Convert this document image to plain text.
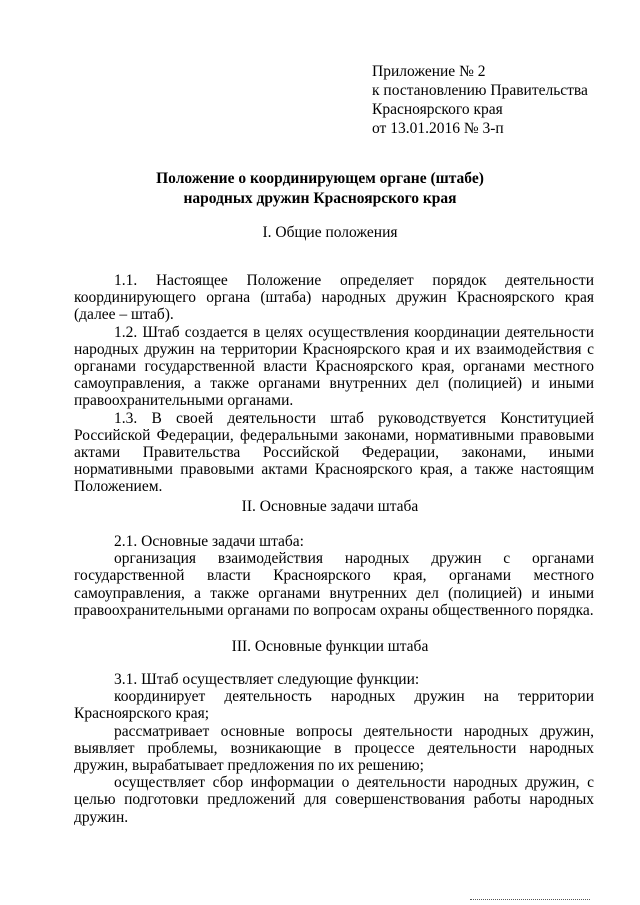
Приложение № 2
к постановлению Правительства
Красноярского края
от 13.01.2016 № 3-п
Положение о координирующем органе (штабе)
народных дружин Красноярского края
I. Общие положения

1.1. Настоящее Положение определяет порядок деятельности координирующего органа (штаба) народных дружин Красноярского края (далее – штаб).

1.2. Штаб создается в целях осуществления координации деятельности народных дружин на территории Красноярского края и их взаимодействия с органами государственной власти Красноярского края, органами местного самоуправления, а также органами внутренних дел (полицией) и иными правоохранительными органами.

1.3. В своей деятельности штаб руководствуется Конституцией Российской Федерации, федеральными законами, нормативными правовыми актами Правительства Российской Федерации, законами, иными нормативными правовыми актами Красноярского края, а также настоящим Положением.

II. Основные задачи штаба

2.1. Основные задачи штаба:

организация взаимодействия народных дружин с органами государственной власти Красноярского края, органами местного самоуправления, а также органами внутренних дел (полицией) и иными правоохранительными органами по вопросам охраны общественного порядка.

III. Основные функции штаба

3.1. Штаб осуществляет следующие функции:

координирует деятельность народных дружин на территории Красноярского края;

рассматривает основные вопросы деятельности народных дружин, выявляет проблемы, возникающие в процессе деятельности народных дружин, вырабатывает предложения по их решению;

осуществляет сбор информации о деятельности народных дружин, с целью подготовки предложений для совершенствования работы народных дружин.
